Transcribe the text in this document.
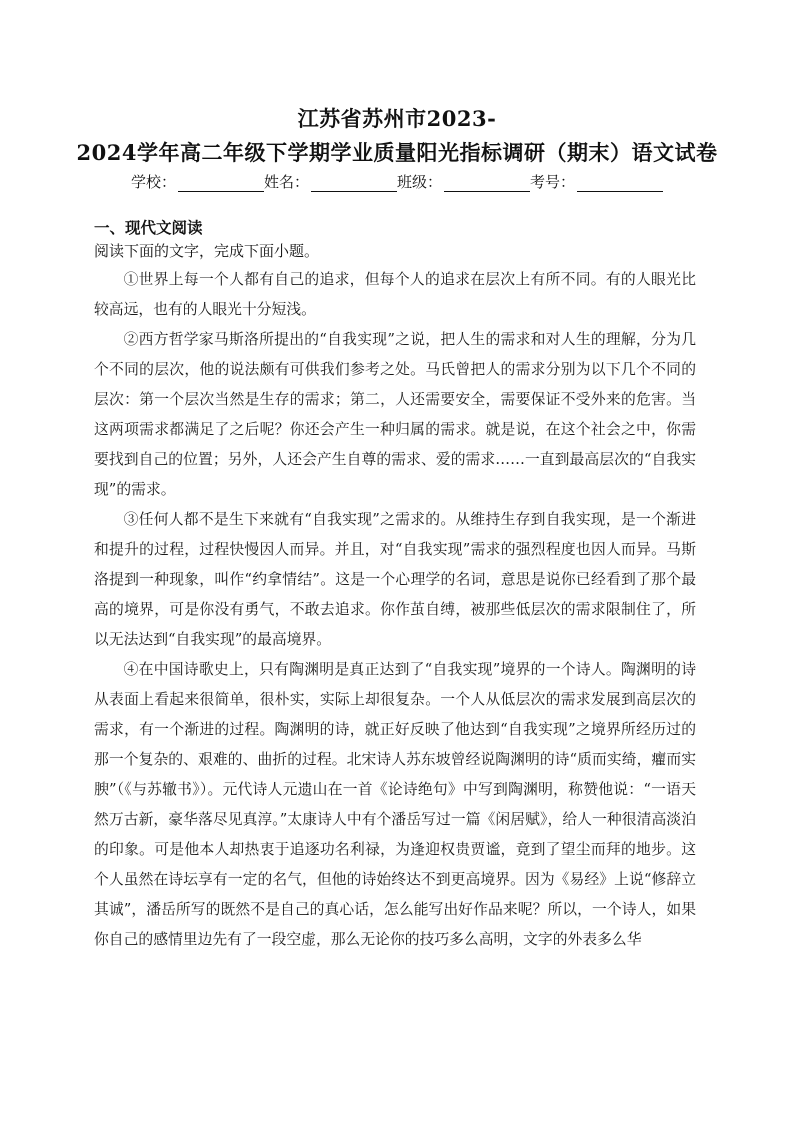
江苏省苏州市2023-
2024学年高二年级下学期学业质量阳光指标调研（期末）语文试卷
学校：	姓名：	班级：	考号：
一、现代文阅读
阅读下面的文字，完成下面小题。

①世界上每一个人都有自己的追求，但每个人的追求在层次上有所不同。有的人眼光比较高远，也有的人眼光十分短浅。

②西方哲学家马斯洛所提出的“自我实现”之说，把人生的需求和对人生的理解，分为几个不同的层次，他的说法颇有可供我们参考之处。马氏曾把人的需求分别为以下几个不同的层次：第一个层次当然是生存的需求；第二，人还需要安全，需要保证不受外来的危害。当这两项需求都满足了之后呢？你还会产生一种归属的需求。就是说，在这个社会之中，你需要找到自己的位置；另外，人还会产生自尊的需求、爱的需求……一直到最高层次的“自我实现”的需求。

③任何人都不是生下来就有“自我实现”之需求的。从维持生存到自我实现，是一个渐进和提升的过程，过程快慢因人而异。并且，对“自我实现”需求的强烈程度也因人而异。马斯洛提到一种现象，叫作“约拿情结”。这是一个心理学的名词，意思是说你已经看到了那个最高的境界，可是你没有勇气，不敢去追求。你作茧自缚，被那些低层次的需求限制住了，所以无法达到“自我实现”的最高境界。

④在中国诗歌史上，只有陶渊明是真正达到了“自我实现”境界的一个诗人。陶渊明的诗从表面上看起来很简单，很朴实，实际上却很复杂。一个人从低层次的需求发展到高层次的需求，有一个渐进的过程。陶渊明的诗，就正好反映了他达到“自我实现”之境界所经历过的那一个复杂的、艰难的、曲折的过程。北宋诗人苏东坡曾经说陶渊明的诗“质而实绮，癯而实腴”（《与苏辙书》）。元代诗人元遗山在一首《论诗绝句》中写到陶渊明，称赞他说：“一语天然万古新，豪华落尽见真淳。”太康诗人中有个潘岳写过一篇《闲居赋》，给人一种很清高淡泊的印象。可是他本人却热衷于追逐功名利禄，为逢迎权贵贾谧，竟到了望尘而拜的地步。这个人虽然在诗坛享有一定的名气，但他的诗始终达不到更高境界。因为《易经》上说“修辞立其诚”，潘岳所写的既然不是自己的真心话，怎么能写出好作品来呢？所以，一个诗人，如果你自己的感情里边先有了一段空虚，那么无论你的技巧多么高明，文字的外表多么华
